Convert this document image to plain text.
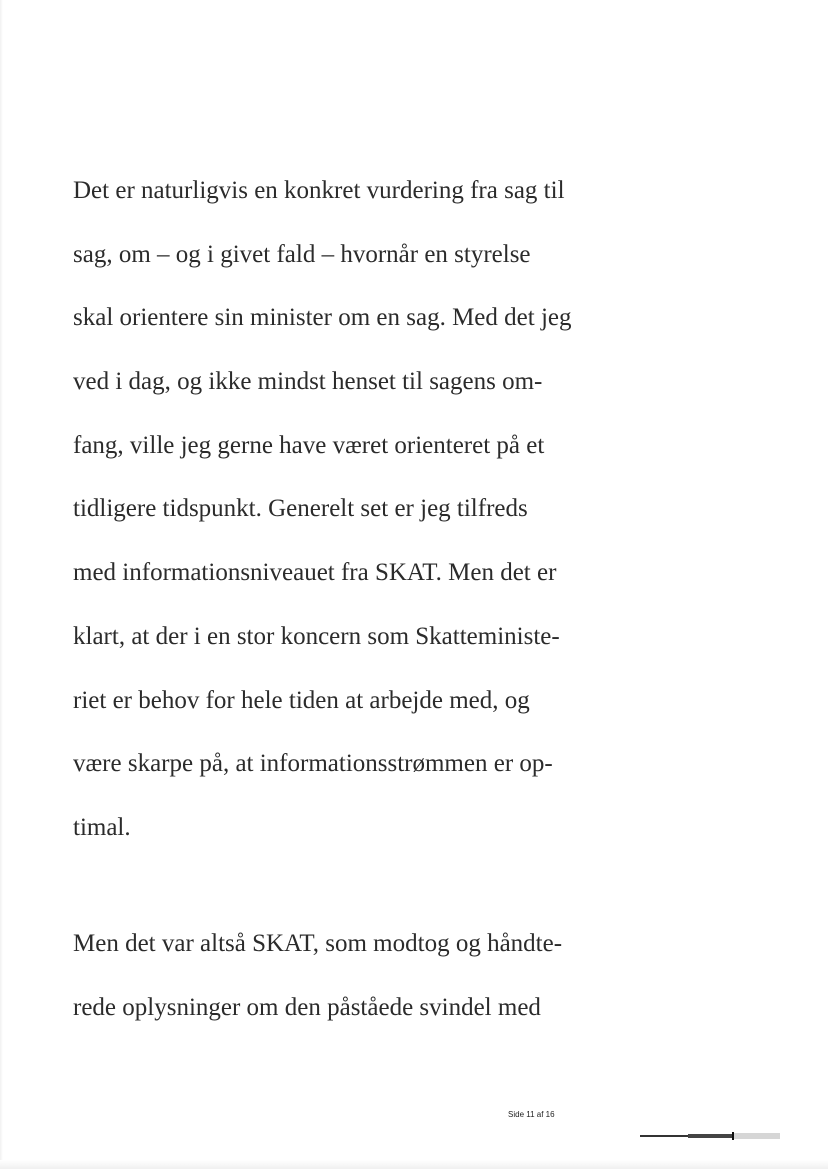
Det er naturligvis en konkret vurdering fra sag til
sag, om – og i givet fald – hvornår en styrelse
skal orientere sin minister om en sag. Med det jeg
ved i dag, og ikke mindst henset til sagens om-
fang, ville jeg gerne have været orienteret på et
tidligere tidspunkt. Generelt set er jeg tilfreds
med informationsniveauet fra SKAT. Men det er
klart, at der i en stor koncern som Skatteministe-
riet er behov for hele tiden at arbejde med, og
være skarpe på, at informationsstrømmen er op-
timal.

Men det var altså SKAT, som modtog og håndte-
rede oplysninger om den påståede svindel med

Side 11 af 16
